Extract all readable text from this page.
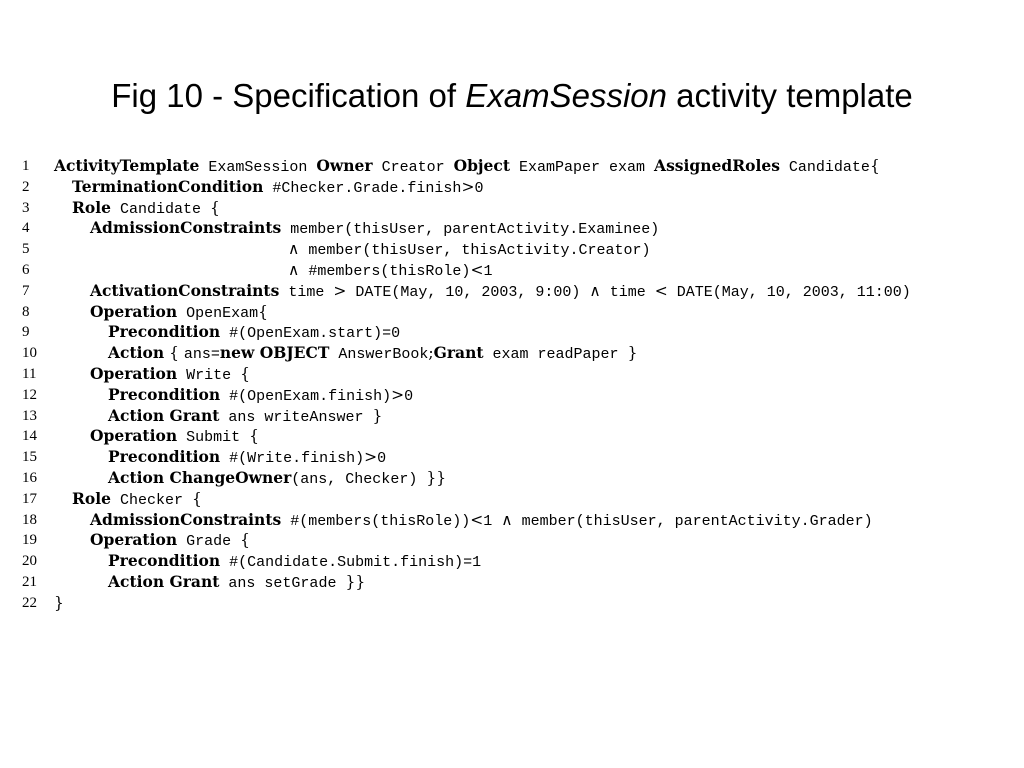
Fig 10 - Specification of ExamSession activity template
1	ActivityTemplate ExamSession Owner Creator Object ExamPaper exam AssignedRoles Candidate{
2	TerminationCondition #Checker.Grade.finish>0
3	Role Candidate {
4	AdmissionConstraints member(thisUser, parentActivity.Examinee)
5	∧ member(thisUser, thisActivity.Creator)
6	∧ #members(thisRole)<1
7	ActivationConstraints time > DATE(May, 10, 2003, 9:00) ∧ time < DATE(May, 10, 2003, 11:00)
8	Operation OpenExam{
9	Precondition #(OpenExam.start)=0
10	Action { ans=new OBJECT AnswerBook;Grant exam readPaper }
11	Operation Write {
12	Precondition #(OpenExam.finish)>0
13	Action Grant ans writeAnswer }
14	Operation Submit {
15	Precondition #(Write.finish)>0
16	Action ChangeOwner(ans, Checker) }}
17	Role Checker {
18	AdmissionConstraints #(members(thisRole))<1 ∧ member(thisUser, parentActivity.Grader)
19	Operation Grade {
20	Precondition #(Candidate.Submit.finish)=1
21	Action Grant ans setGrade }}
22	}
